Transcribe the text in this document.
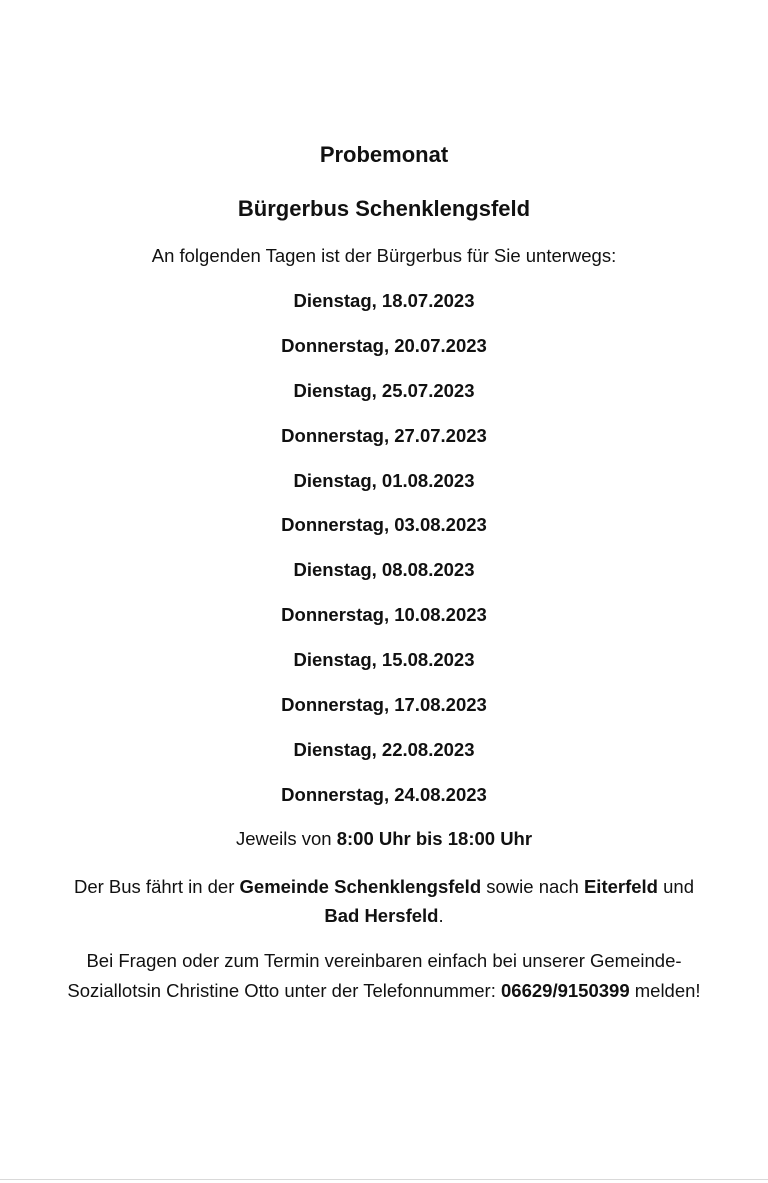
Probemonat
Bürgerbus Schenklengsfeld
An folgenden Tagen ist der Bürgerbus für Sie unterwegs:
Dienstag, 18.07.2023
Donnerstag, 20.07.2023
Dienstag, 25.07.2023
Donnerstag, 27.07.2023
Dienstag, 01.08.2023
Donnerstag, 03.08.2023
Dienstag, 08.08.2023
Donnerstag, 10.08.2023
Dienstag, 15.08.2023
Donnerstag, 17.08.2023
Dienstag, 22.08.2023
Donnerstag, 24.08.2023
Jeweils von 8:00 Uhr bis 18:00 Uhr
Der Bus fährt in der Gemeinde Schenklengsfeld sowie nach Eiterfeld und
Bad Hersfeld.
Bei Fragen oder zum Termin vereinbaren einfach bei unserer Gemeinde-Soziallotsin Christine Otto unter der Telefonnummer: 06629/9150399 melden!
